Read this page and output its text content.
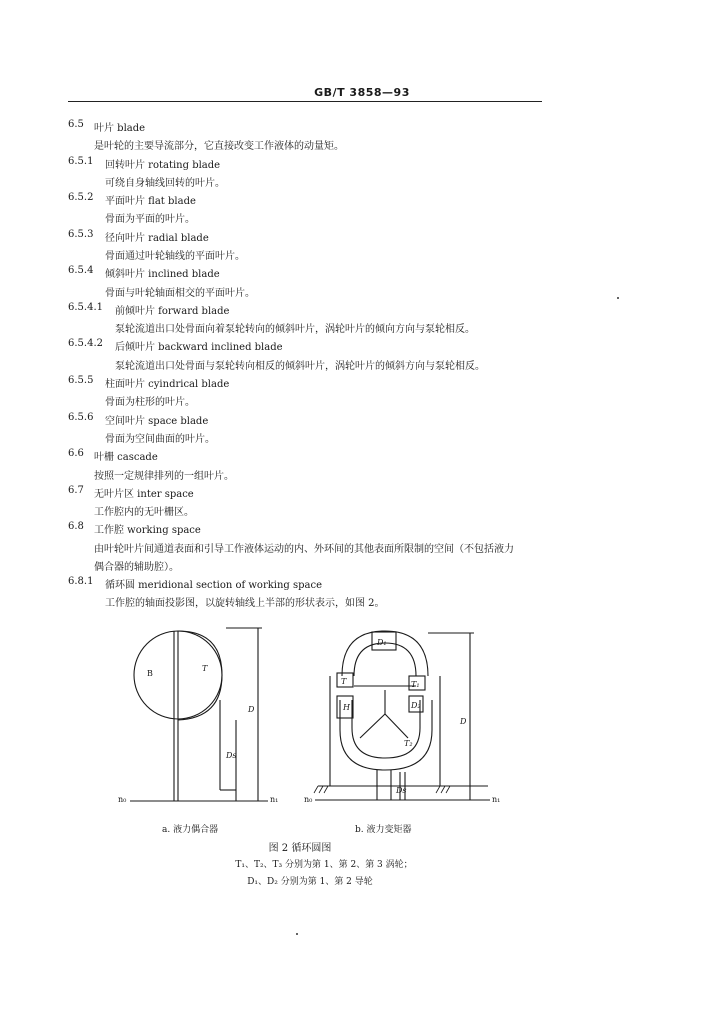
GB/T 3858—93
6.5 叶片 blade
是叶轮的主要导流部分，它直接改变工作液体的动量矩。
6.5.1 回转叶片 rotating blade
可绕自身轴线回转的叶片。
6.5.2 平面叶片 flat blade
骨面为平面的叶片。
6.5.3 径向叶片 radial blade
骨面通过叶轮轴线的平面叶片。
6.5.4 倾斜叶片 inclined blade
骨面与叶轮轴面相交的平面叶片。
6.5.4.1 前倾叶片 forward blade
泵轮流道出口处骨面向着泵轮转向的倾斜叶片，涡轮叶片的倾向方向与泵轮相反。
6.5.4.2 后倾叶片 backward inclined blade
泵轮流道出口处骨面与泵轮转向相反的倾斜叶片，涡轮叶片的倾斜方向与泵轮相反。
6.5.5 柱面叶片 cyindrical blade
骨面为柱形的叶片。
6.5.6 空间叶片 space blade
骨面为空间曲面的叶片。
6.6 叶栅 cascade
按照一定规律排列的一组叶片。
6.7 无叶片区 inter space
工作腔内的无叶栅区。
6.8 工作腔 working space
由叶轮叶片间通道表面和引导工作液体运动的内、外环间的其他表面所限制的空间（不包括液力
偶合器的辅助腔）。
6.8.1 循环圆 meridional section of working space
工作腔的轴面投影图，以旋转轴线上半部的形状表示，如图 2。
B
T
D
Ds
n₀	n₁
D₁
T	T₁
H	D₂
T₂
D
Ds
n₀	n₁
a. 液力偶合器	b. 液力变矩器
图 2 循环圆图
T₁、T₂、T₃ 分别为第 1、第 2、第 3 涡轮；
D₁、D₂ 分别为第 1、第 2 导轮
